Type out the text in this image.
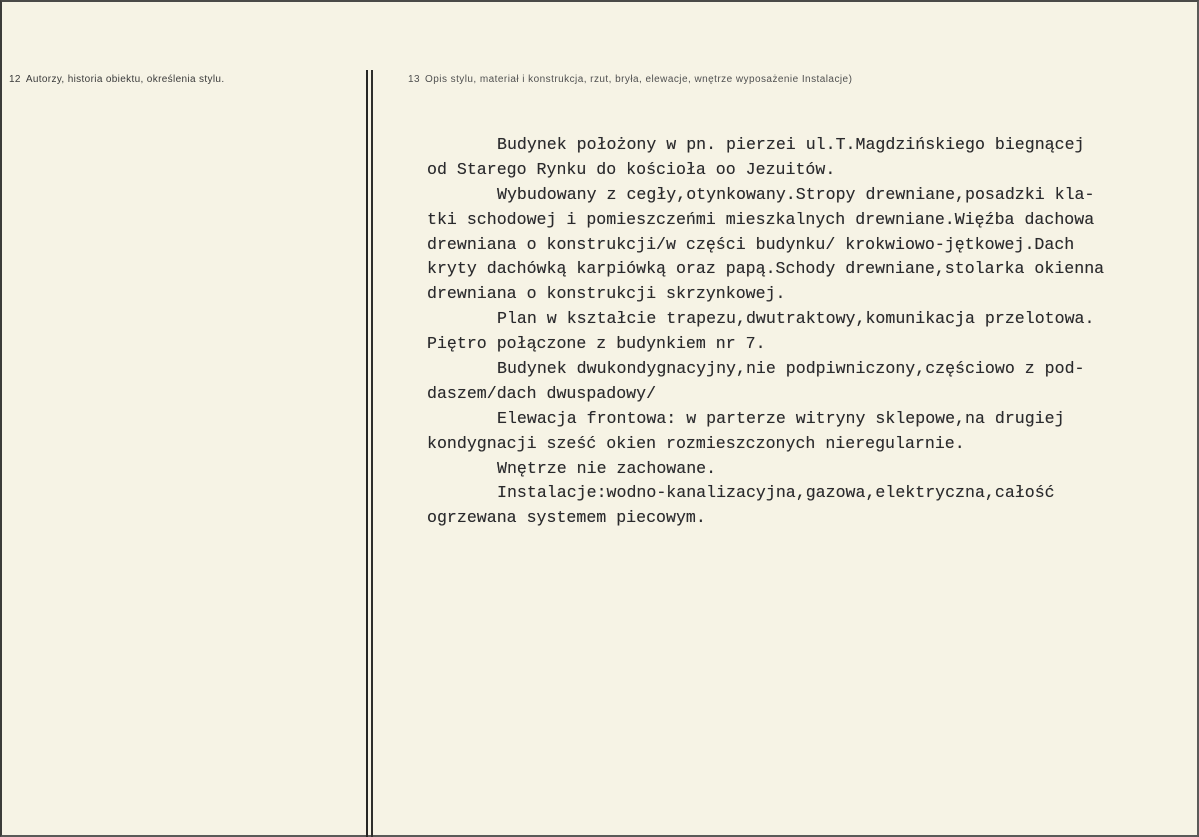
12 Autorzy, historia obiektu, określenia stylu.	13 Opis stylu, materiał i konstrukcja, rzut, bryła, elewacje, wnętrze wyposażenie Instalacje)
Budynek położony w pn. pierzei ul.T.Magdzińskiego biegnącej
od Starego Rynku do kościoła oo Jezuitów.
Wybudowany z cegły,otynkowany.Stropy drewniane,posadzki kla-
tki schodowej i pomieszczeńmi mieszkalnych drewniane.Więźba dachowa
drewniana o konstrukcji/w części budynku/ krokwiowo-jętkowej.Dach
kryty dachówką karpiówką oraz papą.Schody drewniane,stolarka okienna
drewniana o konstrukcji skrzynkowej.
Plan w kształcie trapezu,dwutraktowy,komunikacja przelotowa.
Piętro połączone z budynkiem nr 7.
Budynek dwukondygnacyjny,nie podpiwniczony,częściowo z pod-
daszem/dach dwuspadowy/
Elewacja frontowa: w parterze witryny sklepowe,na drugiej
kondygnacji sześć okien rozmieszczonych nieregularnie.
Wnętrze nie zachowane.
Instalacje:wodno-kanalizacyjna,gazowa,elektryczna,całość
ogrzewana systemem piecowym.
